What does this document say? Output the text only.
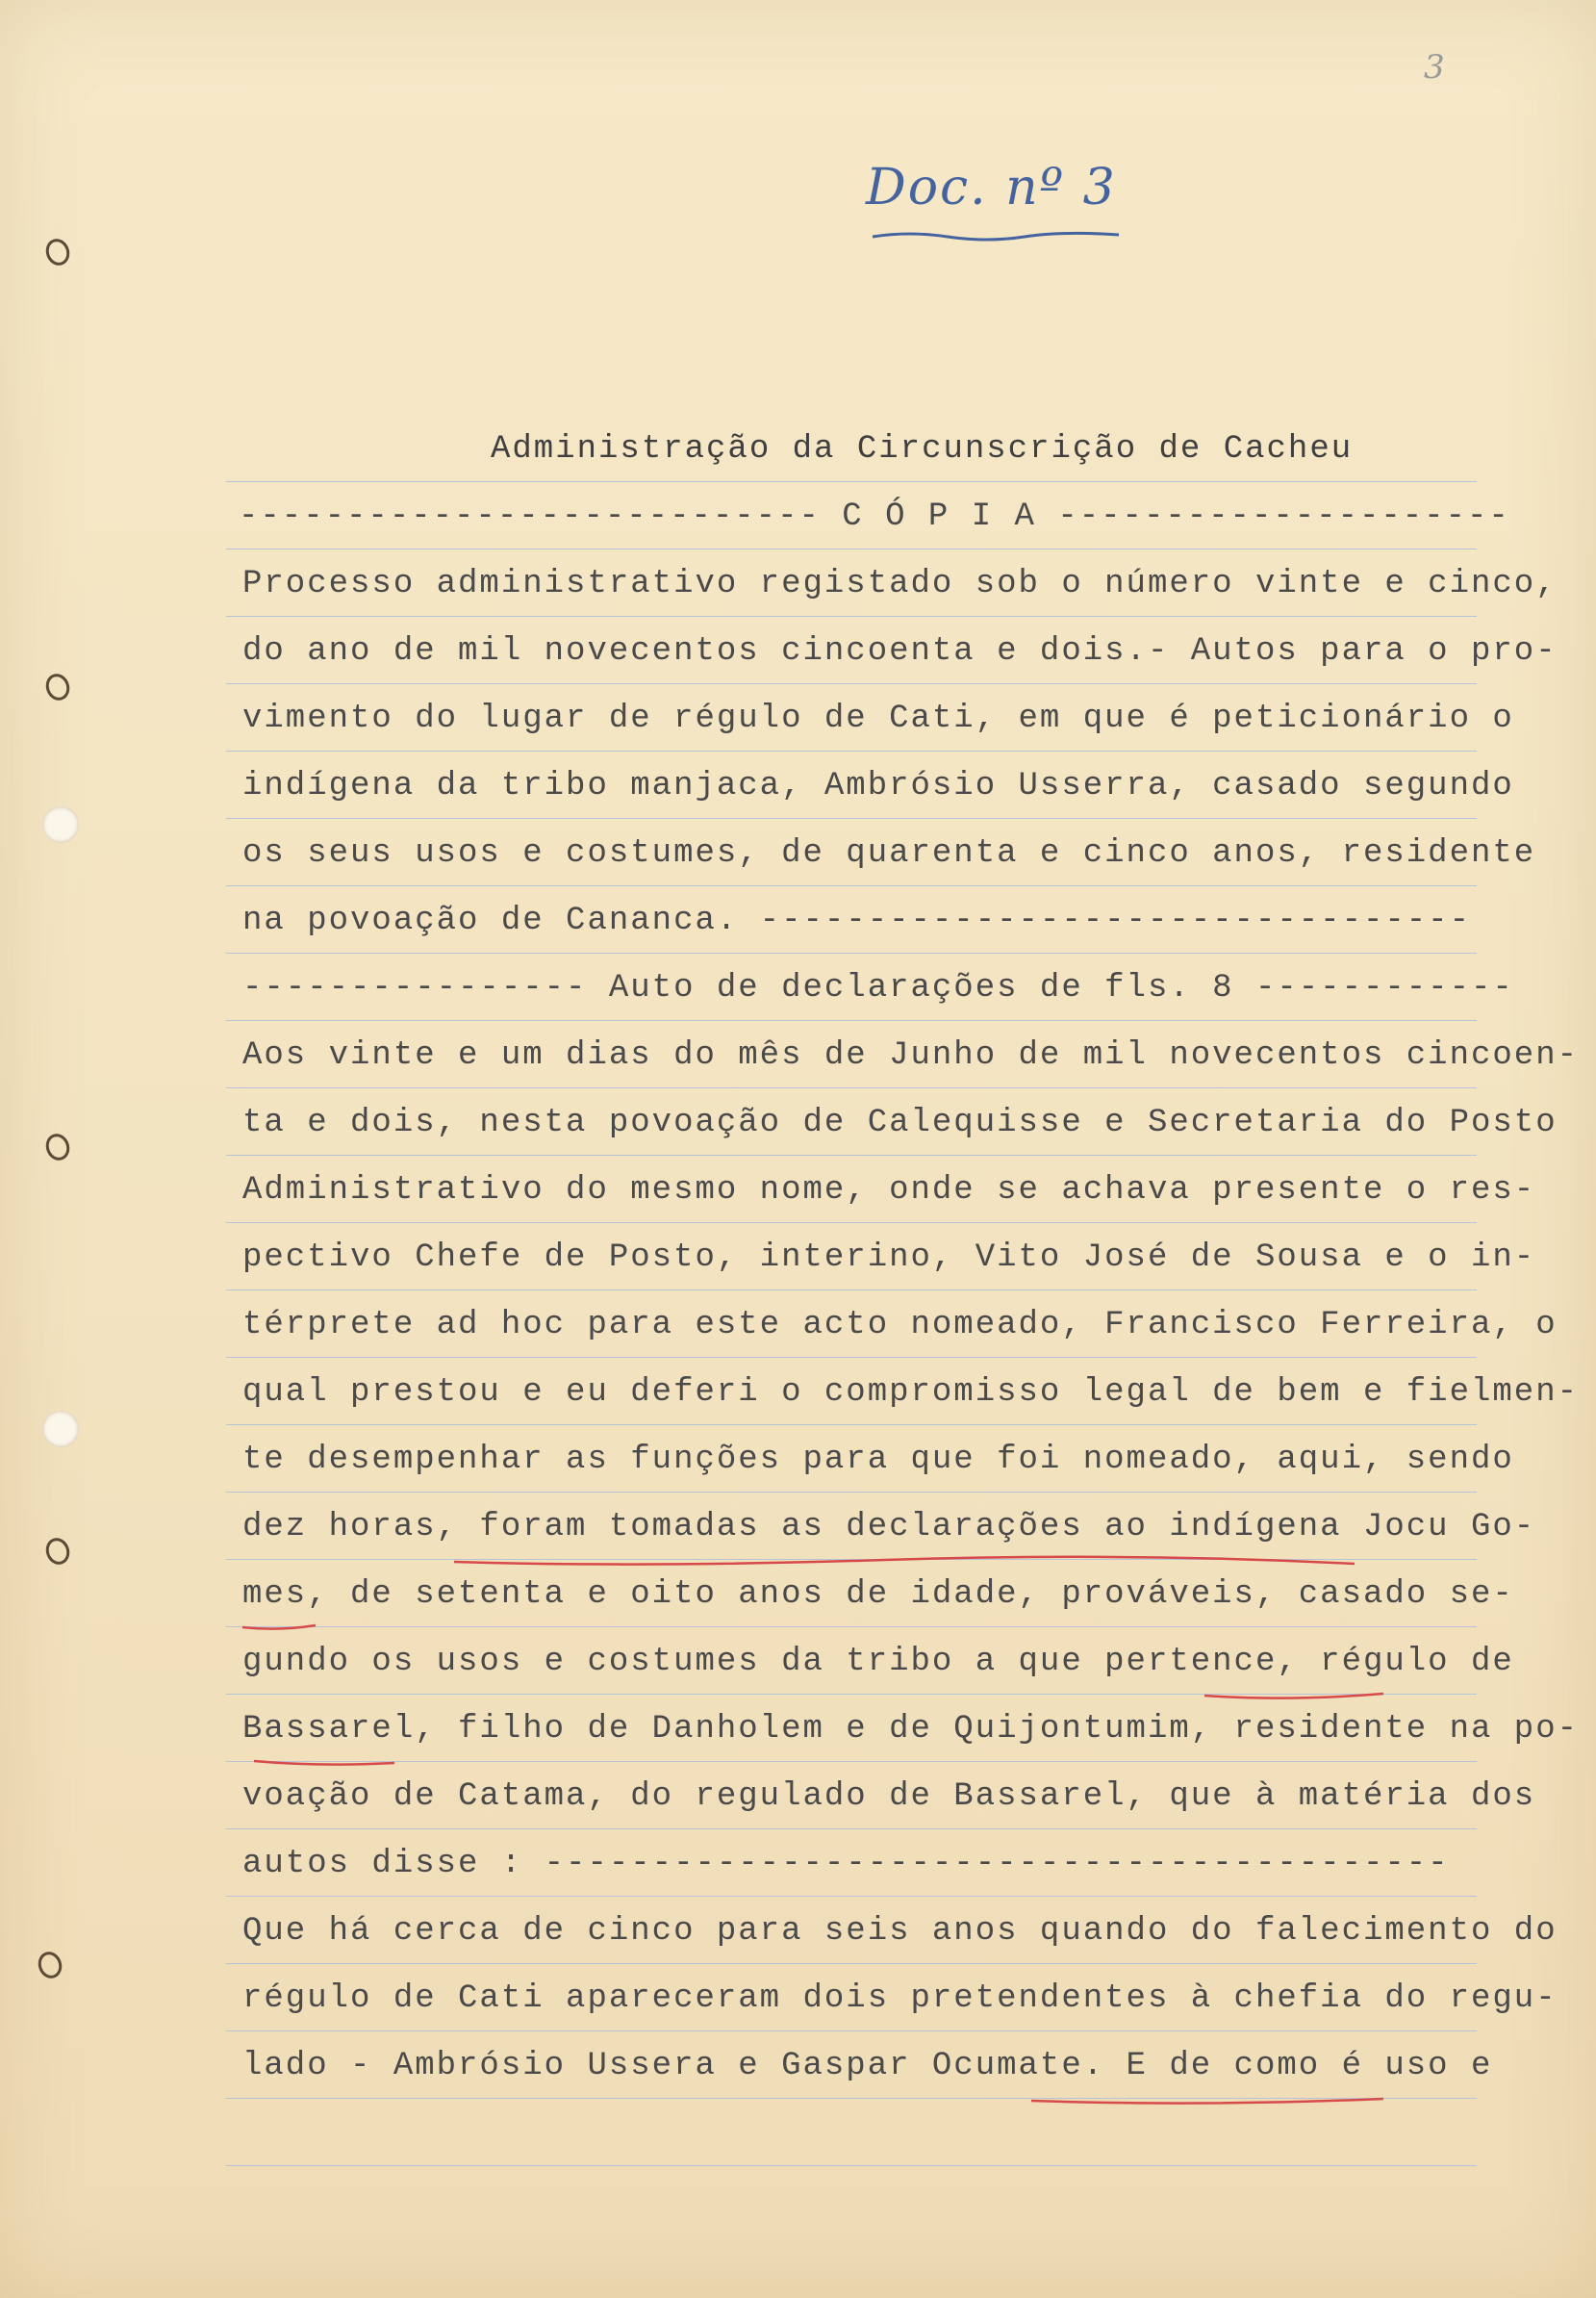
3
Doc. nº 3
Administração da Circunscrição de Cacheu
--------------------------- C Ó P I A ---------------------
Processo administrativo registado sob o número vinte e cinco,
do ano de mil novecentos cincoenta e dois.- Autos para o pro-
vimento do lugar de régulo de Cati, em que é peticionário o
indígena da tribo manjaca, Ambrósio Usserra, casado segundo
os seus usos e costumes, de quarenta e cinco anos, residente
na povoação de Cananca. ---------------------------------
---------------- Auto de declarações de fls. 8 ------------
Aos vinte e um dias do mês de Junho de mil novecentos cincoen-
ta e dois, nesta povoação de Calequisse e Secretaria do Posto
Administrativo do mesmo nome, onde se achava presente o res-
pectivo Chefe de Posto, interino, Vito José de Sousa e o in-
térprete ad hoc para este acto nomeado, Francisco Ferreira, o
qual prestou e eu deferi o compromisso legal de bem e fielmen-
te desempenhar as funções para que foi nomeado, aqui, sendo
dez horas, foram tomadas as declarações ao indígena Jocu Go-
mes, de setenta e oito anos de idade, prováveis, casado se-
gundo os usos e costumes da tribo a que pertence, régulo de
Bassarel, filho de Danholem e de Quijontumim, residente na po-
voação de Catama, do regulado de Bassarel, que à matéria dos
autos disse : ------------------------------------------
Que há cerca de cinco para seis anos quando do falecimento do
régulo de Cati apareceram dois pretendentes à chefia do regu-
lado - Ambrósio Ussera e Gaspar Ocumate. E de como é uso e
